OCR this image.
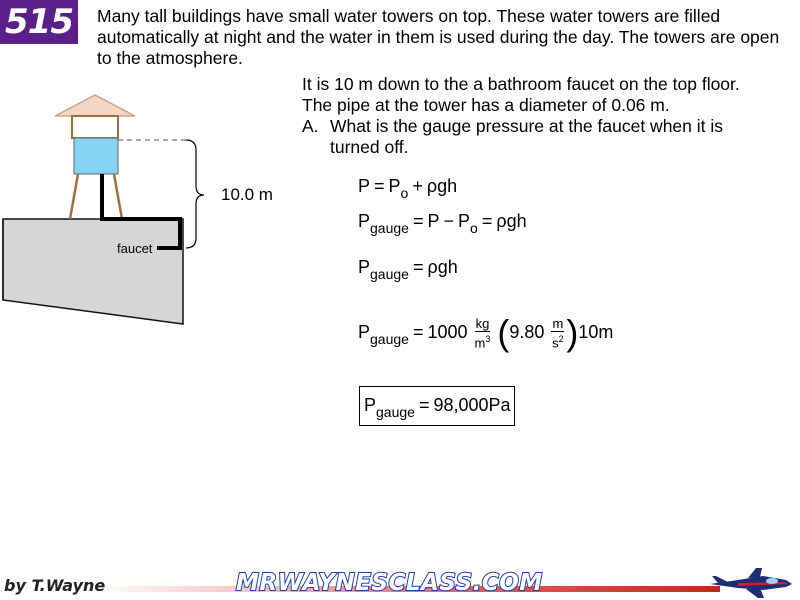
515 Many tall buildings have small water towers on top. These water towers are filled automatically at night and the water in them is used during the day. The towers are open to the atmosphere.
It is 10 m down to the a bathroom faucet on the top floor. The pipe at the tower has a diameter of 0.06 m.
A. What is the gauge pressure at the faucet when it is turned off.
faucet
10.0 m	$P = P_o + \rho gh$
$P_{gauge} = P - P_o = \rho gh$
$P_{gauge} = \rho gh$
$P_{gauge} = 1000 \frac{kg}{m^3} (9.80 \frac{m}{s^2} )10m$
$P_{gauge} = 98,000Pa$
by T.Wayne	MRWAYNESCLASS.COM
